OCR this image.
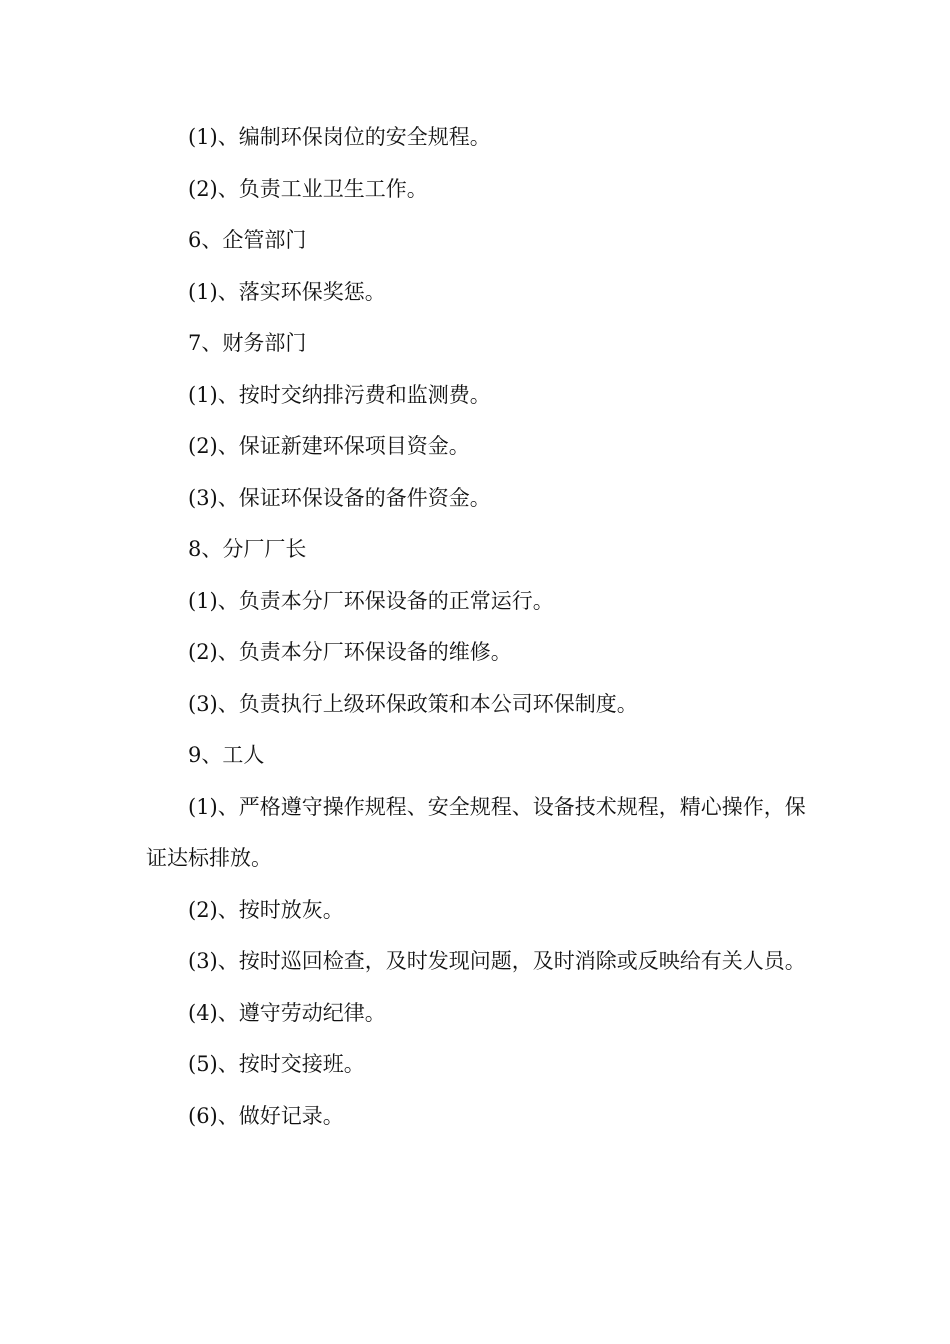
(1)、编制环保岗位的安全规程。

(2)、负责工业卫生工作。

6、企管部门

(1)、落实环保奖惩。

7、财务部门

(1)、按时交纳排污费和监测费。

(2)、保证新建环保项目资金。

(3)、保证环保设备的备件资金。

8、分厂厂长

(1)、负责本分厂环保设备的正常运行。

(2)、负责本分厂环保设备的维修。

(3)、负责执行上级环保政策和本公司环保制度。

9、工人

(1)、严格遵守操作规程、安全规程、设备技术规程，精心操作，保证达标排放。

(2)、按时放灰。

(3)、按时巡回检查，及时发现问题，及时消除或反映给有关人员。

(4)、遵守劳动纪律。

(5)、按时交接班。

(6)、做好记录。
